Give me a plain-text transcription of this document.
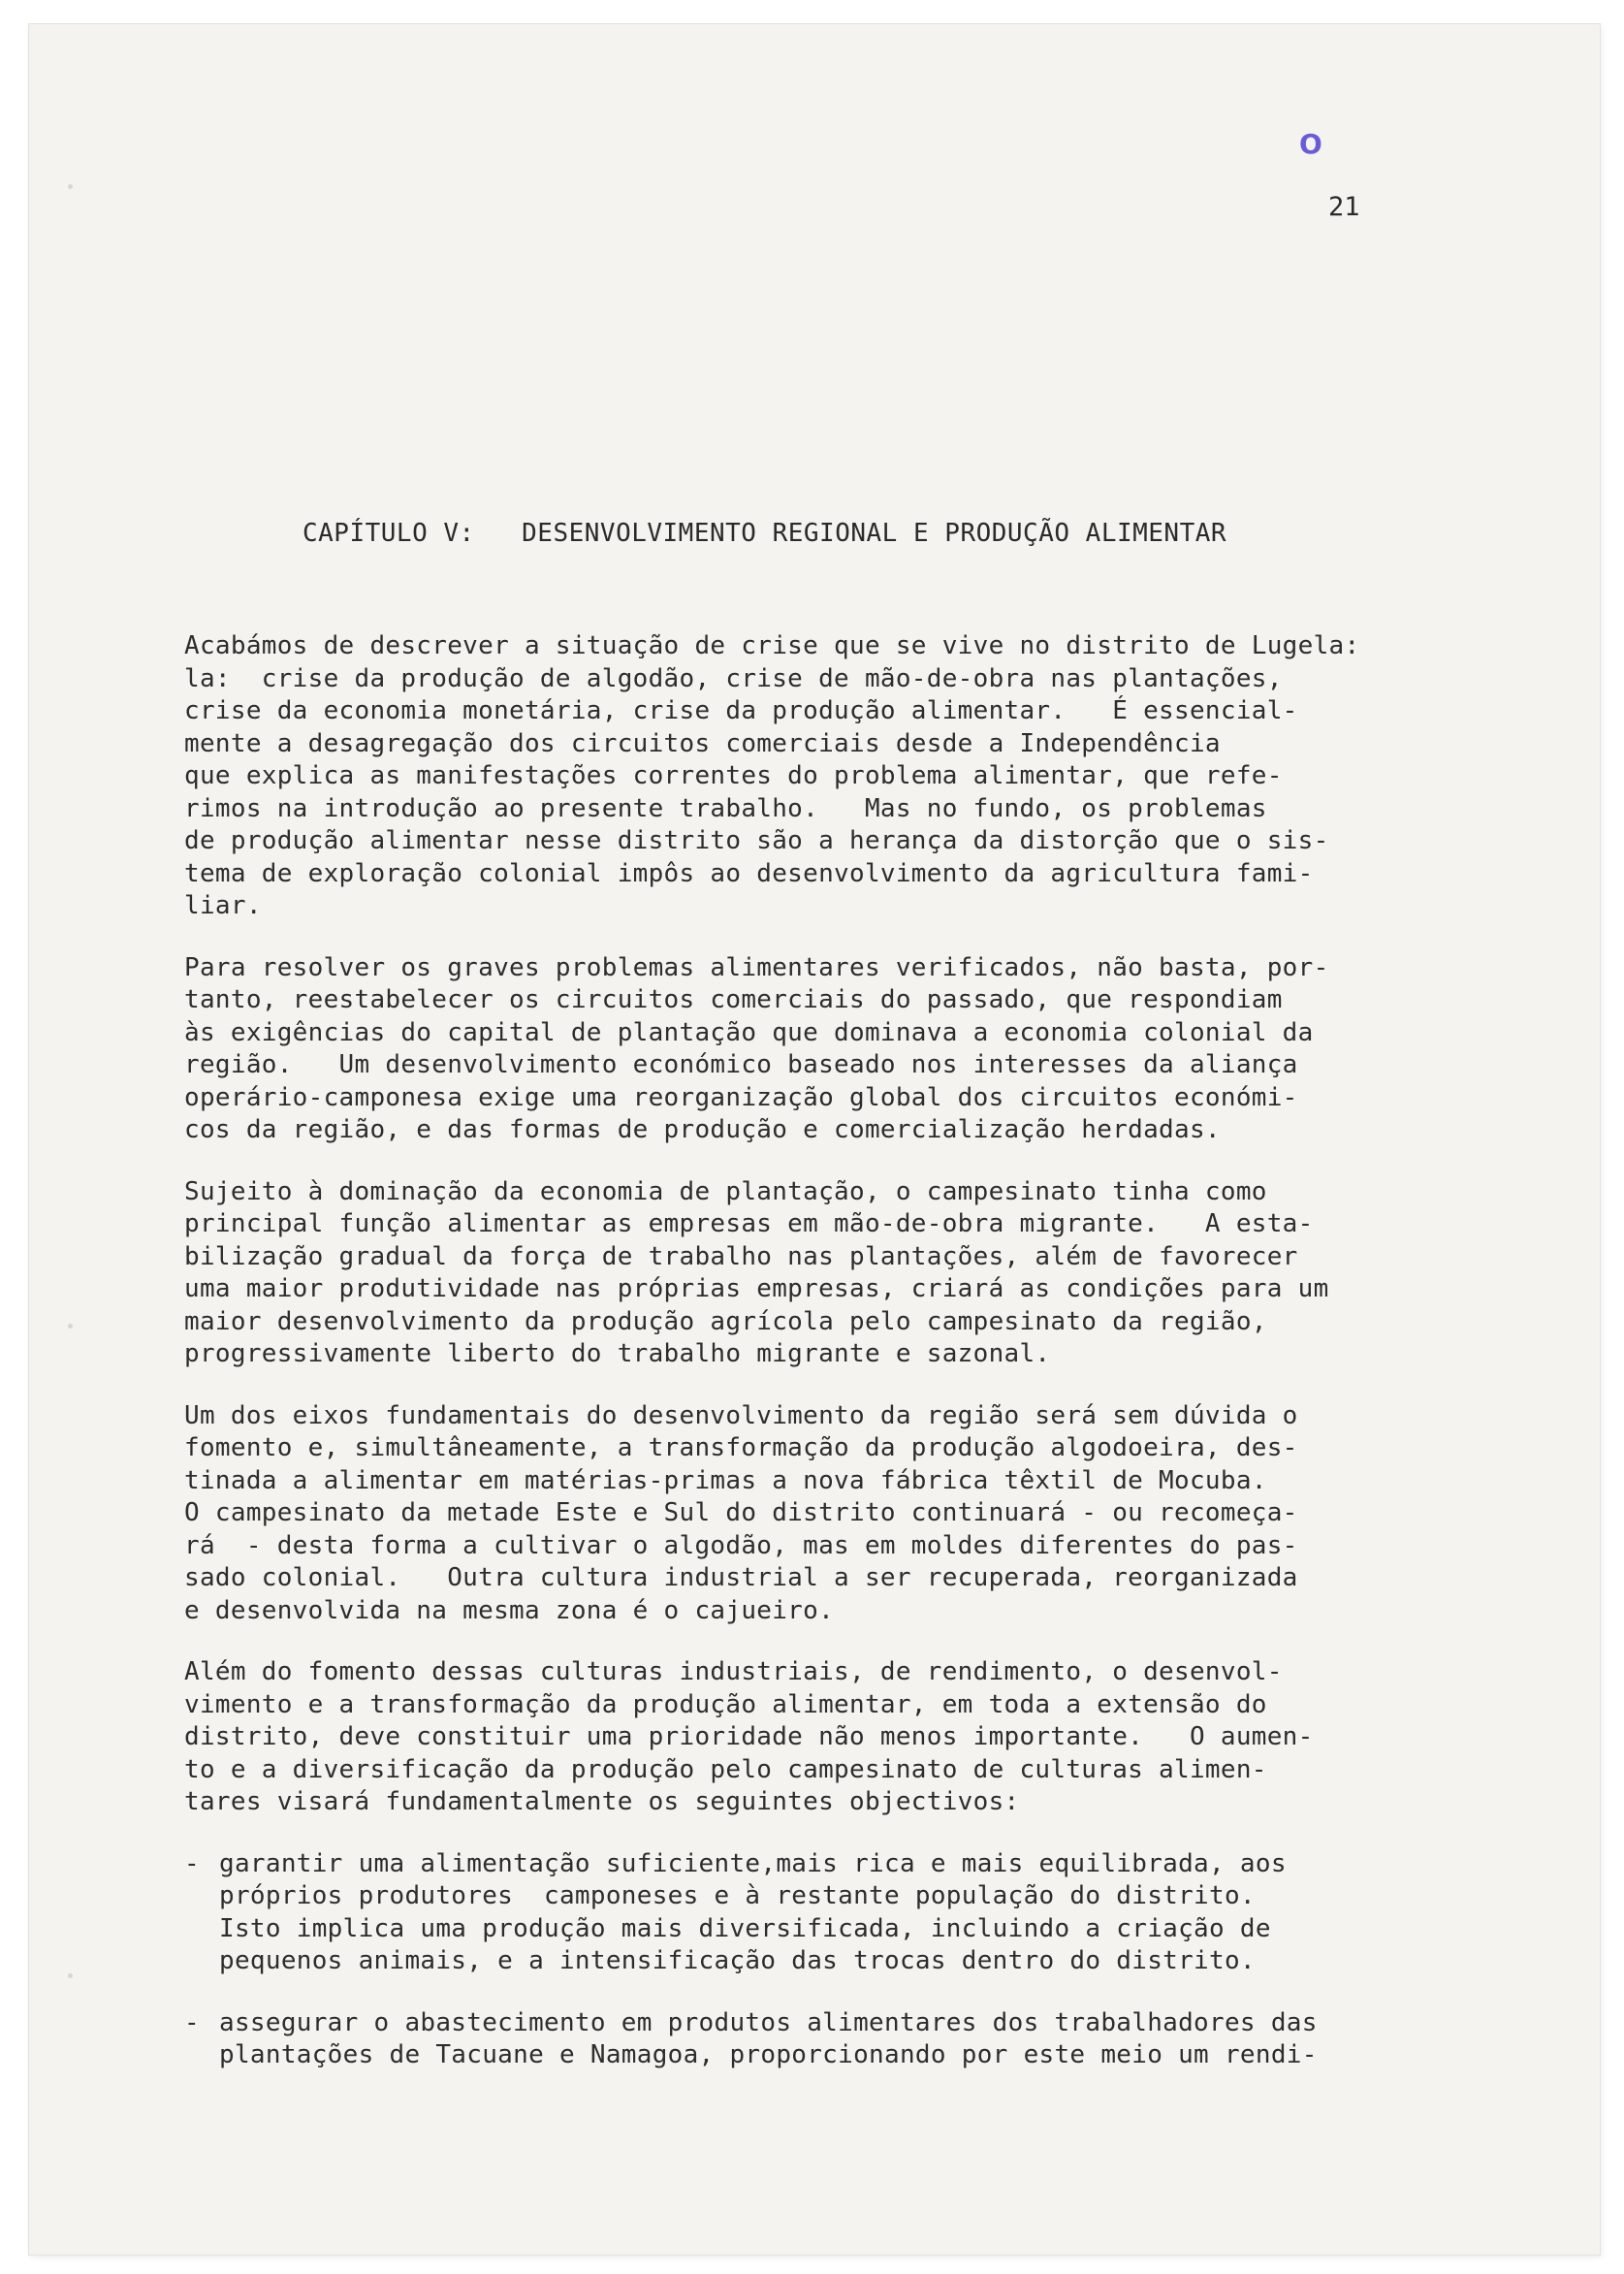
O
21
CAPÍTULO V:   DESENVOLVIMENTO REGIONAL E PRODUÇÃO ALIMENTAR
Acabámos de descrever a situação de crise que se vive no distrito de Lugela:
la:  crise da produção de algodão, crise de mão-de-obra nas plantações,
crise da economia monetária, crise da produção alimentar.   É essencial-
mente a desagregação dos circuitos comerciais desde a Independência
que explica as manifestações correntes do problema alimentar, que refe-
rimos na introdução ao presente trabalho.   Mas no fundo, os problemas
de produção alimentar nesse distrito são a herança da distorção que o sis-
tema de exploração colonial impôs ao desenvolvimento da agricultura fami-
liar.
Para resolver os graves problemas alimentares verificados, não basta, por-
tanto, reestabelecer os circuitos comerciais do passado, que respondiam
às exigências do capital de plantação que dominava a economia colonial da
região.   Um desenvolvimento económico baseado nos interesses da aliança
operário-camponesa exige uma reorganização global dos circuitos económi-
cos da região, e das formas de produção e comercialização herdadas.
Sujeito à dominação da economia de plantação, o campesinato tinha como
principal função alimentar as empresas em mão-de-obra migrante.   A esta-
bilização gradual da força de trabalho nas plantações, além de favorecer
uma maior produtividade nas próprias empresas, criará as condições para um
maior desenvolvimento da produção agrícola pelo campesinato da região,
progressivamente liberto do trabalho migrante e sazonal.
Um dos eixos fundamentais do desenvolvimento da região será sem dúvida o
fomento e, simultâneamente, a transformação da produção algodoeira, des-
tinada a alimentar em matérias-primas a nova fábrica têxtil de Mocuba.
O campesinato da metade Este e Sul do distrito continuará - ou recomeça-
rá  - desta forma a cultivar o algodão, mas em moldes diferentes do pas-
sado colonial.   Outra cultura industrial a ser recuperada, reorganizada
e desenvolvida na mesma zona é o cajueiro.
Além do fomento dessas culturas industriais, de rendimento, o desenvol-
vimento e a transformação da produção alimentar, em toda a extensão do
distrito, deve constituir uma prioridade não menos importante.   O aumen-
to e a diversificação da produção pelo campesinato de culturas alimen-
tares visará fundamentalmente os seguintes objectivos:
- garantir uma alimentação suficiente,mais rica e mais equilibrada, aos
próprios produtores  camponeses e à restante população do distrito.
Isto implica uma produção mais diversificada, incluindo a criação de
pequenos animais, e a intensificação das trocas dentro do distrito.
- assegurar o abastecimento em produtos alimentares dos trabalhadores das
plantações de Tacuane e Namagoa, proporcionando por este meio um rendi-
